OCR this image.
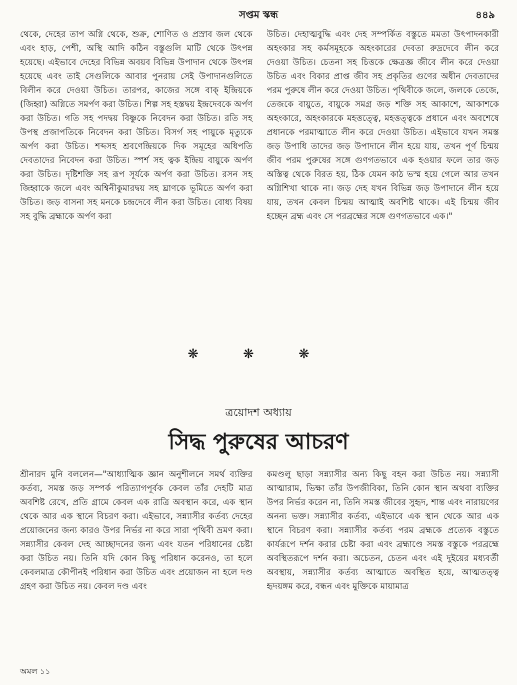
সপ্তম স্কন্ধ	৪৪৯

থেকে, দেহের তাপ অগ্নি থেকে, শুক্র, শোণিত ও প্রস্রাব জল থেকে এবং হাড়, পেশী, অস্থি আদি কঠিন বস্তুগুলি মাটি থেকে উৎপন্ন হয়েছে। এইভাবে দেহের বিভিন্ন অবয়ব বিভিন্ন উপাদান থেকে উৎপন্ন হয়েছে এবং তাই সেগুলিকে আবার পুনরায় সেই উপাদানগুলিতে বিলীন করে দেওয়া উচিত। তারপর, কাজের সঙ্গে বাক্‌ ইন্দ্রিয়কে (জিহ্বা) অগ্নিতে সমর্পণ করা উচিত। শিল্প সহ হস্তদ্বয় ইন্দ্রদেবকে অর্পণ করা উচিত। গতি সহ পদদ্বয় বিষ্ণুকে নিবেদন করা উচিত। রতি সহ উপস্থ প্রজাপতিকে নিবেদন করা উচিত। বিসর্গ সহ পায়ুকে মৃত্যুকে অর্পণ করা উচিত। শব্দসহ শ্রবণেন্দ্রিয়কে দিক সমূহের অধিপতি দেবতাদের নিবেদন করা উচিত। স্পর্শ সহ ত্বক ইন্দ্রিয় বায়ুকে অর্পণ করা উচিত। দৃষ্টিশক্তি সহ রূপ সূর্যকে অর্পণ করা উচিত। রসন সহ জিহ্বাকে জলে এবং অশ্বিনীকুমারদ্বয় সহ ঘ্রাণকে ভূমিতে অর্পণ করা উচিত। জড় বাসনা সহ মনকে চন্দ্রদেবে লীন করা উচিত। বোধ্য বিষয় সহ বুদ্ধি ব্রহ্মাকে অর্পণ করা

উচিত। দেহাত্মবুদ্ধি এবং দেহ সম্পর্কিত বস্তুতে মমতা উৎপাদনকারী অহংকার সহ কর্মসমূহকে অহংকারের দেবতা রুদ্রদেবে লীন করে দেওয়া উচিত। চেতনা সহ চিত্তকে ক্ষেত্রজ্ঞ জীবে লীন করে দেওয়া উচিত এবং বিকার প্রাপ্ত জীব সহ প্রকৃতির গুণের অধীন দেবতাদের পরম পুরুষে লীন করে দেওয়া উচিত। পৃথিবীকে জলে, জলকে তেজে, তেজকে বায়ুতে, বায়ুকে সমগ্র জড় শক্তি সহ আকাশে, আকাশকে অহংকারে, অহংকারকে মহত্তত্ত্বে, মহত্তত্ত্বকে প্রধানে এবং অবশেষে প্রধানকে পরমাত্মাতে লীন করে দেওয়া উচিত। এইভাবে যখন সমস্ত জড় উপাধি তাদের জড় উপাদানে লীন হয়ে যায়, তখন পূর্ণ চিন্ময় জীব পরম পুরুষের সঙ্গে গুণগতভাবে এক হওয়ার ফলে তার জড় অস্তিত্ব থেকে বিরত হয়, ঠিক যেমন কাঠ ভস্ম হয়ে গেলে আর তখন অগ্নিশিখা থাকে না। জড় দেহ যখন বিভিন্ন জড় উপাদানে লীন হয়ে যায়, তখন কেবল চিন্ময় আত্মাই অবশিষ্ট থাকে। এই চিন্ময় জীব হচ্ছেন ব্রহ্ম এবং সে পরব্রহ্মের সঙ্গে গুণগতভাবে এক।"

❋ ❋ ❋
ত্রয়োদশ অধ্যায়
সিদ্ধ পুরুষের আচরণ

শ্রীনারদ মুনি বললেন—"আধ্যাত্মিক জ্ঞান অনুশীলনে সমর্থ ব্যক্তির কর্তব্য, সমস্ত জড় সম্পর্ক পরিত্যাগপূর্বক কেবল তাঁর দেহটি মাত্র অবশিষ্ট রেখে, প্রতি গ্রামে কেবল এক রাত্রি অবস্থান করে, এক স্থান থেকে আর এক স্থানে বিচরণ করা। এইভাবে, সন্ন্যাসীর কর্তব্য দেহের প্রয়োজনের জন্য কারও উপর নির্ভর না করে সারা পৃথিবী ভ্রমণ করা। সন্ন্যাসীর কেবল দেহ আচ্ছাদনের জন্য এবং যতন পরিধানের চেষ্টা করা উচিত নয়। তিনি যদি কোন কিছু পরিধান করেনও, তা হলে কেবলমাত্র কৌপীনই পরিধান করা উচিত এবং প্রয়োজন না হলে দণ্ড গ্রহণ করা উচিত নয়। কেবল দণ্ড এবং

কমণ্ডলু ছাড়া সন্ন্যাসীর অন্য কিছু বহন করা উচিত নয়। সন্ন্যাসী আত্মারাম, ভিক্ষা তাঁর উপজীবিকা, তিনি কোন স্থান অথবা ব্যক্তির উপর নির্ভর করেন না, তিনি সমস্ত জীবের সুহৃদ, শান্ত এবং নারায়ণের অনন্য ভক্ত। সন্ন্যাসীর কর্তব্য, এইভাবে এক স্থান থেকে আর এক স্থানে বিচরণ করা। সন্ন্যাসীর কর্তব্য পরম ব্রহ্মকে প্রত্যেক বস্তুতে কার্যরূপে দর্শন করার চেষ্টা করা এবং ব্রহ্মাণ্ডে সমস্ত বস্তুকে পরব্রহ্মে অবস্থিতরূপে দর্শন করা। অচেতন, চেতন এবং এই দুইয়ের মধ্যবর্তী অবস্থায়, সন্ন্যাসীর কর্তব্য আত্মাতে অবস্থিত হয়ে, আত্মতত্ত্ব হৃদয়ঙ্গম করে, বন্ধন এবং মুক্তিকে মায়ামাত্র

অমল ১১
